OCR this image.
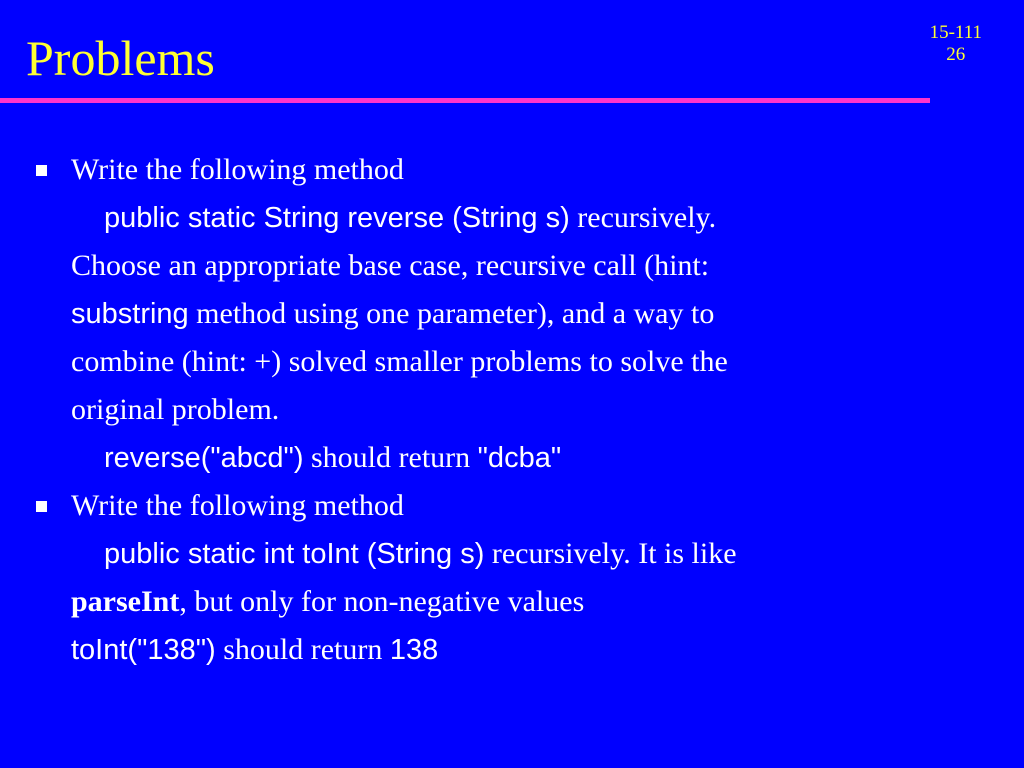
Problems	15-111
26
Write the following method
public static String reverse (String s) recursively.
Choose an appropriate base case, recursive call (hint:
substring method using one parameter), and a way to
combine (hint: +) solved smaller problems to solve the
original problem.
reverse("abcd") should return "dcba"
Write the following method
public static int toInt (String s) recursively. It is like
parseInt, but only for non-negative values
toInt("138") should return 138
